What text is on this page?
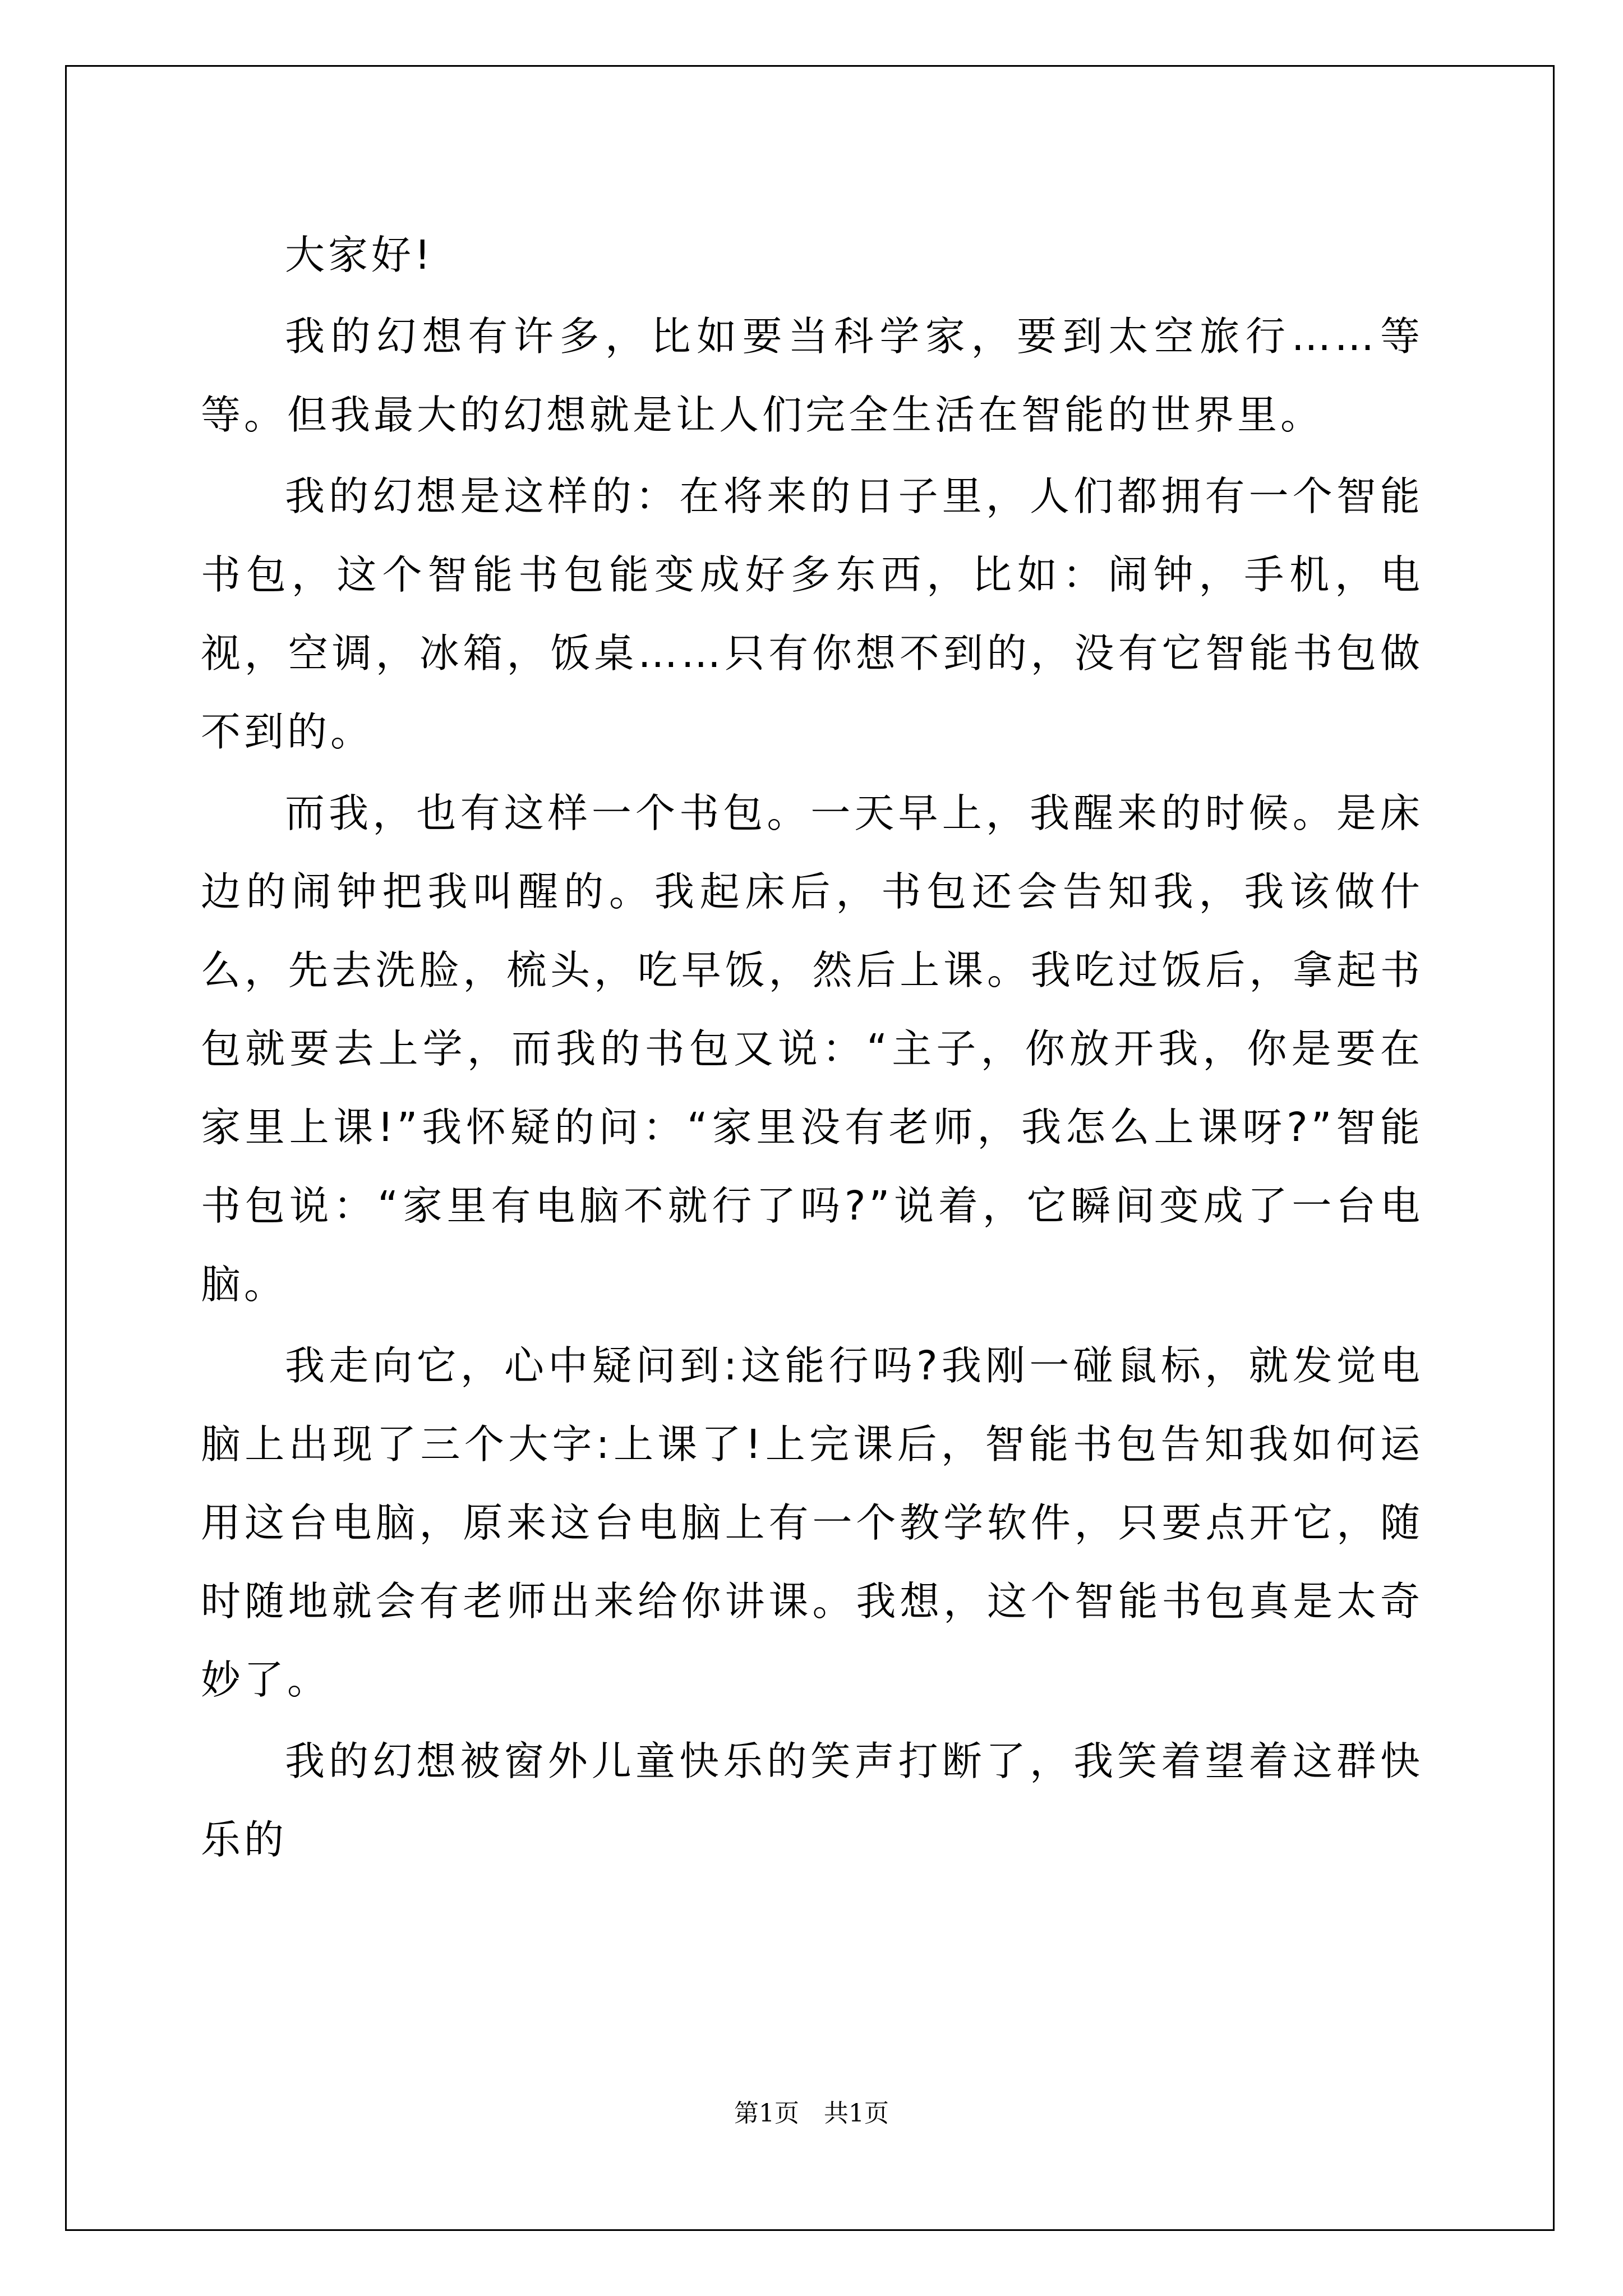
大家好!

我的幻想有许多，比如要当科学家，要到太空旅行……等等。但我最大的幻想就是让人们完全生活在智能的世界里。

我的幻想是这样的：在将来的日子里，人们都拥有一个智能书包，这个智能书包能变成好多东西，比如：闹钟，手机，电视，空调，冰箱，饭桌……只有你想不到的，没有它智能书包做不到的。

而我，也有这样一个书包。一天早上，我醒来的时候。是床边的闹钟把我叫醒的。我起床后，书包还会告知我，我该做什么，先去洗脸，梳头，吃早饭，然后上课。我吃过饭后，拿起书包就要去上学，而我的书包又说：“主子，你放开我，你是要在家里上课!”我怀疑的问：“家里没有老师，我怎么上课呀?”智能书包说：“家里有电脑不就行了吗?”说着，它瞬间变成了一台电脑。

我走向它，心中疑问到:这能行吗?我刚一碰鼠标，就发觉电脑上出现了三个大字:上课了!上完课后，智能书包告知我如何运用这台电脑，原来这台电脑上有一个教学软件，只要点开它，随时随地就会有老师出来给你讲课。我想，这个智能书包真是太奇妙了。

我的幻想被窗外儿童快乐的笑声打断了，我笑着望着这群快乐的

第1页　共1页
